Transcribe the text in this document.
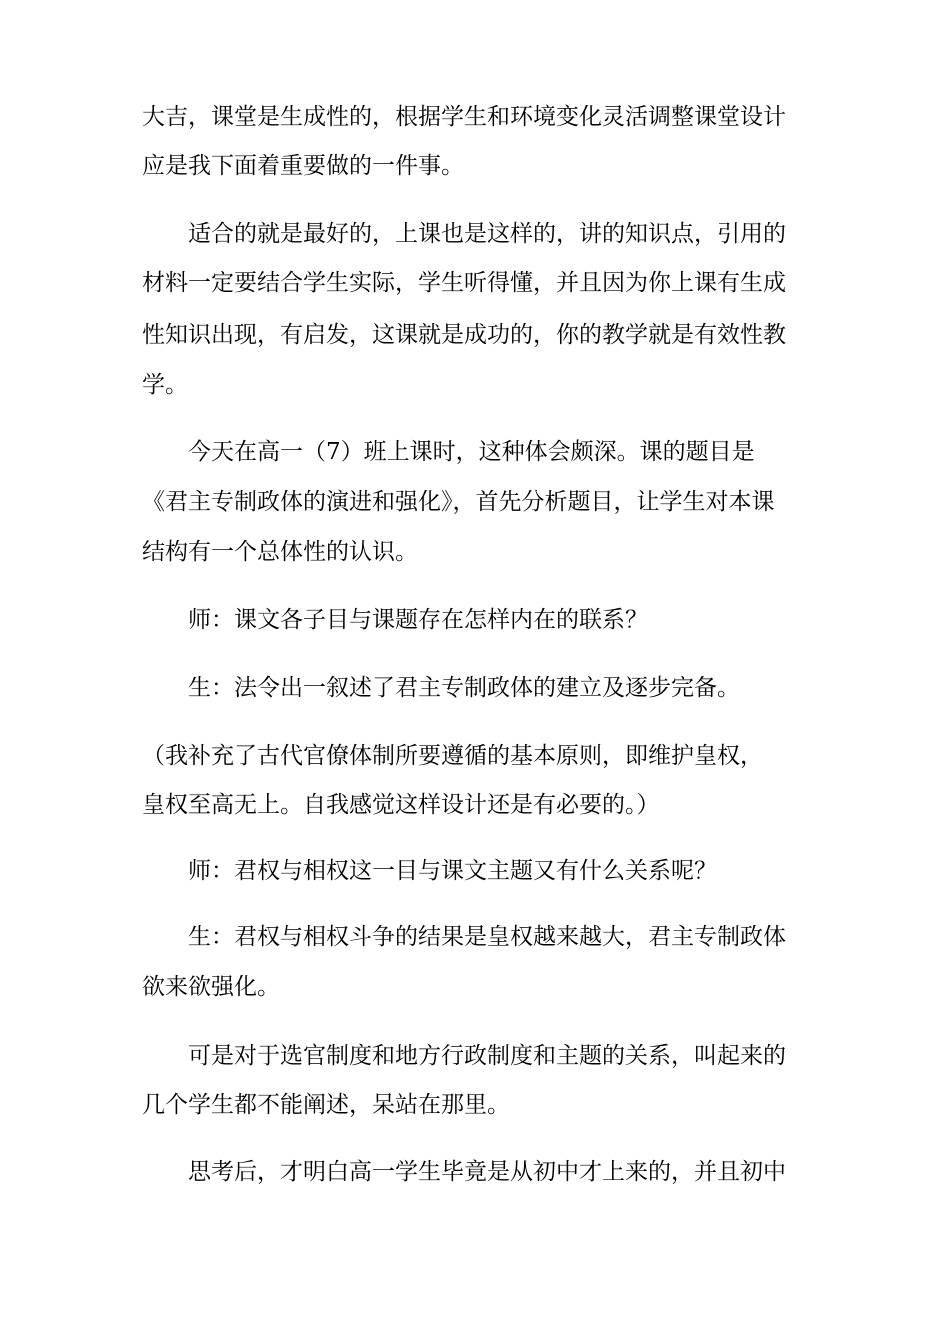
大吉，课堂是生成性的，根据学生和环境变化灵活调整课堂设计
应是我下面着重要做的一件事。
　　适合的就是最好的，上课也是这样的，讲的知识点，引用的
材料一定要结合学生实际，学生听得懂，并且因为你上课有生成
性知识出现，有启发，这课就是成功的，你的教学就是有效性教
学。
　　今天在高一（7）班上课时，这种体会颇深。课的题目是
《君主专制政体的演进和强化》，首先分析题目，让学生对本课
结构有一个总体性的认识。
　　师：课文各子目与课题存在怎样内在的联系？
　　生：法令出一叙述了君主专制政体的建立及逐步完备。
（我补充了古代官僚体制所要遵循的基本原则，即维护皇权，
皇权至高无上。自我感觉这样设计还是有必要的。）
　　师：君权与相权这一目与课文主题又有什么关系呢？
　　生：君权与相权斗争的结果是皇权越来越大，君主专制政体
欲来欲强化。
　　可是对于选官制度和地方行政制度和主题的关系，叫起来的
几个学生都不能阐述，呆站在那里。
　　思考后，才明白高一学生毕竟是从初中才上来的，并且初中
